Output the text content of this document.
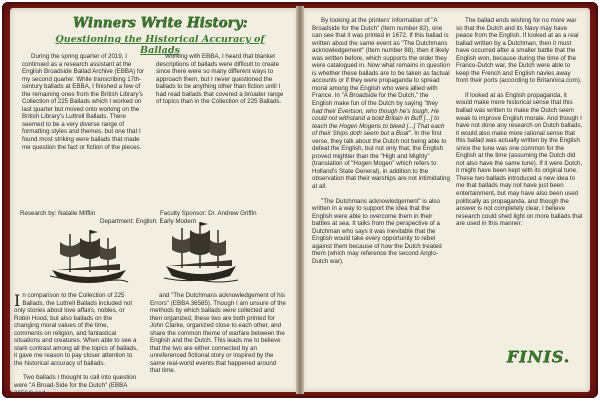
Winners Write History:
Questioning the Historical Accuracy of Ballads

During the spring quarter of 2019, I continued as a research assistant at the English Broadside Ballad Archive (EBBA) for my second quarter. While transcribing 17th-century ballads at EBBA, I finished a few of the remaining ones from the British Library's Collection of 225 Ballads which I worked on last quarter but moved onto working on the British Library's Luttrell Ballads. There seemed to be a very diverse range of formatting styles and themes, but one that I found most striking were ballads that made me question the fact or fiction of the pieces.

Working with EBBA, I heard that blanket descriptions of ballads were difficult to create since there were so many different ways to approach them, but I never questioned the ballads to be anything other than fiction until I had read ballads that covered a broader range of topics than in the Collection of 225 Ballads.

Research by: Natalie Mifflin	Faculty Sponsor: Dr. Andrew Griffin
Department: English: Early Modern

In comparison to the Collection of 225 Ballads, the Luttrell Ballads included not only stories about love affairs, nobles, or Robin Hood, but also ballads on the changing moral values of the time, comments on religion, and fantastical situations and creatures. When able to see a stark contrast among all the topics of ballads, it gave me reason to pay closer attention to the historical accuracy of ballads.

Two ballads I thought to call into question were "A Broad-Side for the Dutch" (EBBA 36564) and

and "The Dutchmans acknowledgement of his Errors" (EBBA 36585). Though I am unsure of the methods by which ballads were collected and then organized, these two are both printed for John Clarke, organized close to each other, and share the common theme of warfare between the English and the Dutch. This leads me to believe that the two are either connected by an unreferenced fictional story or inspired by the same real-world events that happened around that time.

By looking at the printers' information of "A Broadside for the Dutch" (Item number 82), one can see that it was printed in 1672. If this ballad is written about the same event as "The Dutchmans acknowledgement" (Item number 88), then it likely was written before, which supports the order they were catalogued in. Now what remains in question is whether these ballads are to be taken as factual accounts or if they were propaganda to spread moral among the English who were allied with France. In "A Broadside for the Dutch," the English make fun of the Dutch by saying "they had their Evertson, who though he's tough, He could not withstand a bold Britain in Buff [...] to teach the Hogen Mogens to bleed [...] That each of their Ships doth seem but a Boat". In the first verse, they talk about the Dutch not being able to defeat the English, but not only that, the English proved mightier than the "High and Mighty" (translation of "Hogen Mogen" which refers to Holland's State General), in addition to the observation that their warships are not intimidating at all.

"The Dutchmans acknowledgement" is also written in a way to support the idea that the English were able to overcome them in their battles at sea. It talks from the perspective of a Dutchman who says it was inevitable that the English would take every opportunity to rebel against them because of how the Dutch treated them (which may reference the second Anglo-Dutch war).

The ballad ends wishing for no more war so that the Dutch and its Navy may have peace from the English. If looked at as a real ballad written by a Dutchman, then it must have occurred after a smaller battle that the English won, because during the time of the Franco-Dutch war, the Dutch were able to keep the French and English navies away from their ports (according to Britannica.com).

If looked at as English propaganda, it would make more historical sense that this ballad was written to make the Dutch seem weak to improve English morale. And though I have not done any research on Dutch ballads, it would also make more rational sense that this ballad was actually written by the English since the tune was one common for the English at the time (assuming the Dutch did not also have the same tune). If it were Dutch, it might have been kept with its original tune. These two ballads introduced a new idea to me that ballads may not have just been entertainment, but may have also been used politically as propaganda, and though the answer is not completely clear, I believe research could shed light on more ballads that are used in this manner.

FINIS.
